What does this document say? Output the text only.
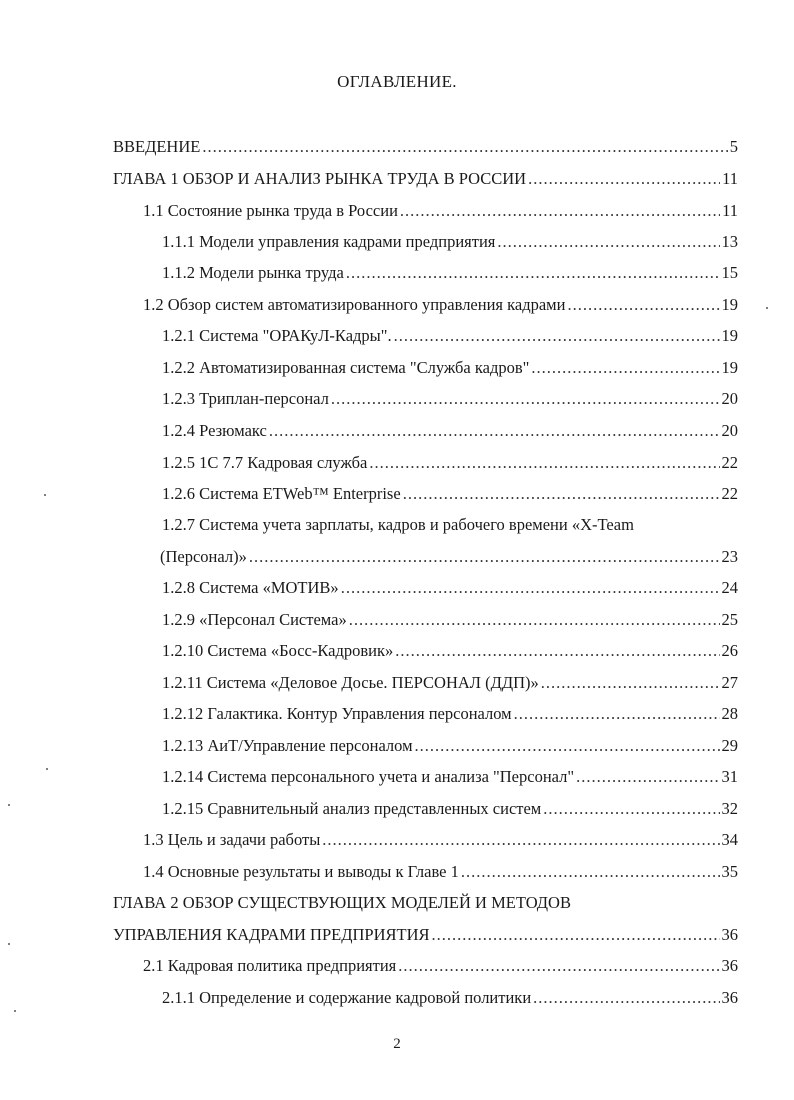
ОГЛАВЛЕНИЕ.
ВВЕДЕНИЕ .....	5
ГЛАВА 1 ОБЗОР И АНАЛИЗ РЫНКА ТРУДА В РОССИИ .....	11
1.1 Состояние рынка труда в России .....	11
1.1.1 Модели управления кадрами предприятия .....	13
1.1.2 Модели рынка труда .....	15
1.2 Обзор систем автоматизированного управления кадрами .....	19
1.2.1 Система "ОРАКуЛ-Кадры". .....	19
1.2.2 Автоматизированная система "Служба кадров" .....	19
1.2.3 Триплан-персонал .....	20
1.2.4 Резюмакс .....	20
1.2.5 1С 7.7 Кадровая служба .....	22
1.2.6 Система ETWeb™ Enterprise .....	22
1.2.7 Система учета зарплаты, кадров и рабочего времени «X-Team
(Персонал)» .....	23
1.2.8 Система «МОТИВ» .....	24
1.2.9 «Персонал Система» .....	25
1.2.10 Система «Босс-Кадровик» .....	26
1.2.11 Система «Деловое Досье. ПЕРСОНАЛ (ДДП)» .....	27
1.2.12 Галактика. Контур Управления персоналом .....	28
1.2.13 АиТ/Управление персоналом .....	29
1.2.14 Система персонального учета и анализа "Персонал" .....	31
1.2.15 Сравнительный анализ представленных систем .....	32
1.3 Цель и задачи работы .....	34
1.4 Основные результаты и выводы к Главе 1 .....	35
ГЛАВА 2 ОБЗОР СУЩЕСТВУЮЩИХ МОДЕЛЕЙ И МЕТОДОВ
УПРАВЛЕНИЯ КАДРАМИ ПРЕДПРИЯТИЯ .....	36
2.1 Кадровая политика предприятия .....	36
2.1.1 Определение и содержание кадровой политики .....	36
2
